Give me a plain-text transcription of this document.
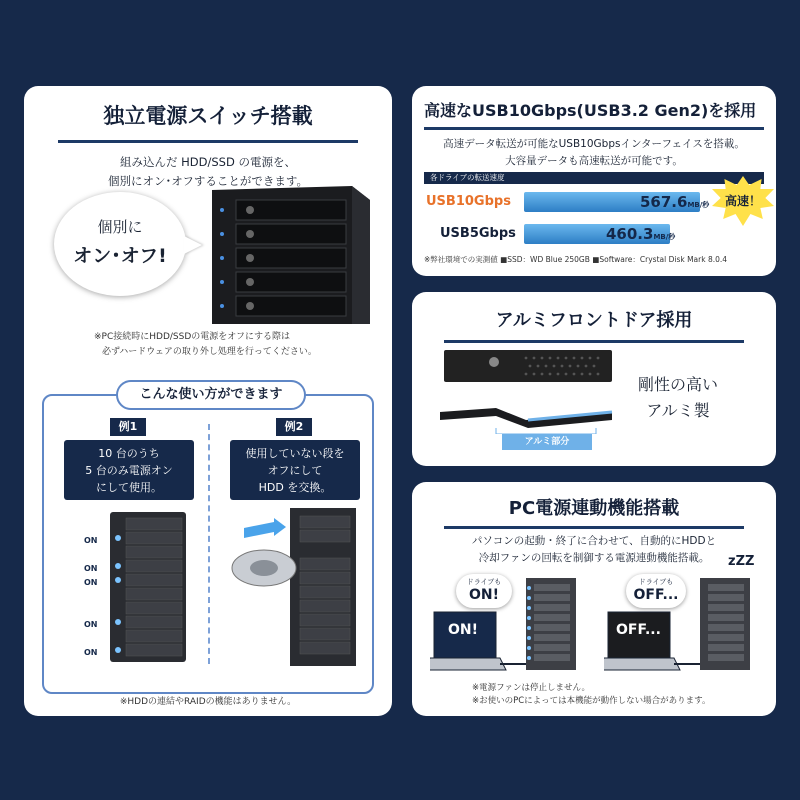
独立電源スイッチ搭載
組み込んだ HDD/SSD の電源を、
個別にオン･オフすることができます。
個別に
オン･オフ!
※PC接続時にHDD/SSDの電源をオフにする際は
必ずハードウェアの取り外し処理を行ってください。
こんな使い方ができます
例1
10 台のうち
5 台のみ電源オン
にして使用。
例2
使用していない段を
オフにして
HDD を交換。
ON
ON
ON
ON
ON
※HDDの連結やRAIDの機能はありません。
高速なUSB10Gbps(USB3.2 Gen2)を採用
高速データ転送が可能なUSB10Gbpsインターフェイスを搭載。
大容量データも高速転送が可能です。
各ドライブの転送速度
USB10Gbps	567.6MB/秒
USB5Gbps	460.3MB/秒
高速！
※弊社環境での実測値 ■SSD：WD Blue 250GB ■Software：Crystal Disk Mark 8.0.4
アルミフロントドア採用
アルミ部分
剛性の高い
アルミ製
PC電源連動機能搭載
パソコンの起動・終了に合わせて、自動的にHDDと
冷却ファンの回転を制御する電源連動機能搭載。
ON!
ドライブも
ON!
OFF...
ドライブも
OFF...
zZZ
※電源ファンは停止しません。
※お使いのPCによっては本機能が動作しない場合があります。
